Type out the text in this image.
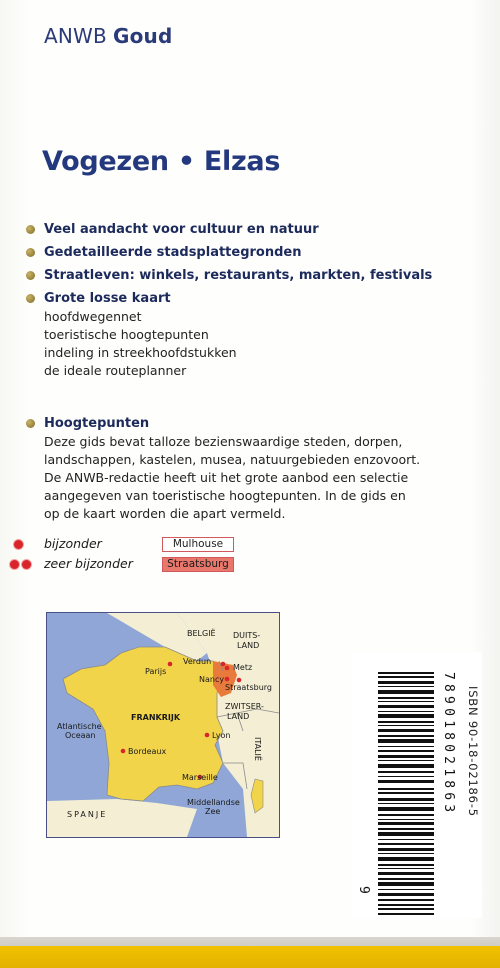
ANWB Goud
Vogezen • Elzas
Veel aandacht voor cultuur en natuur
Gedetailleerde stadsplattegronden
Straatleven: winkels, restaurants, markten, festivals
Grote losse kaart
hoofdwegennet
toeristische hoogtepunten
indeling in streekhoofdstukken
de ideale routeplanner
Hoogtepunten
Deze gids bevat talloze bezienswaardige steden, dorpen,
landschappen, kastelen, musea, natuurgebieden enzovoort.
De ANWB-redactie heeft uit het grote aanbod een selectie
aangegeven van toeristische hoogtepunten. In de gids en
op de kaart worden die apart vermeld.
bijzonder	Mulhouse
zeer bijzonder	Straatsburg
BELGIË DUITS-
LAND
Parijs
Verdun
Metz
Nancy
Straatsburg
ZWITSER-
LAND
FRANKRIJK
Atlantische
Oceaan	Lyon
Bordeaux
Marseille
SPANJE
Middellandse
Zee
ITALIË	ISBN 90-18-02186-5
789018021863
9
